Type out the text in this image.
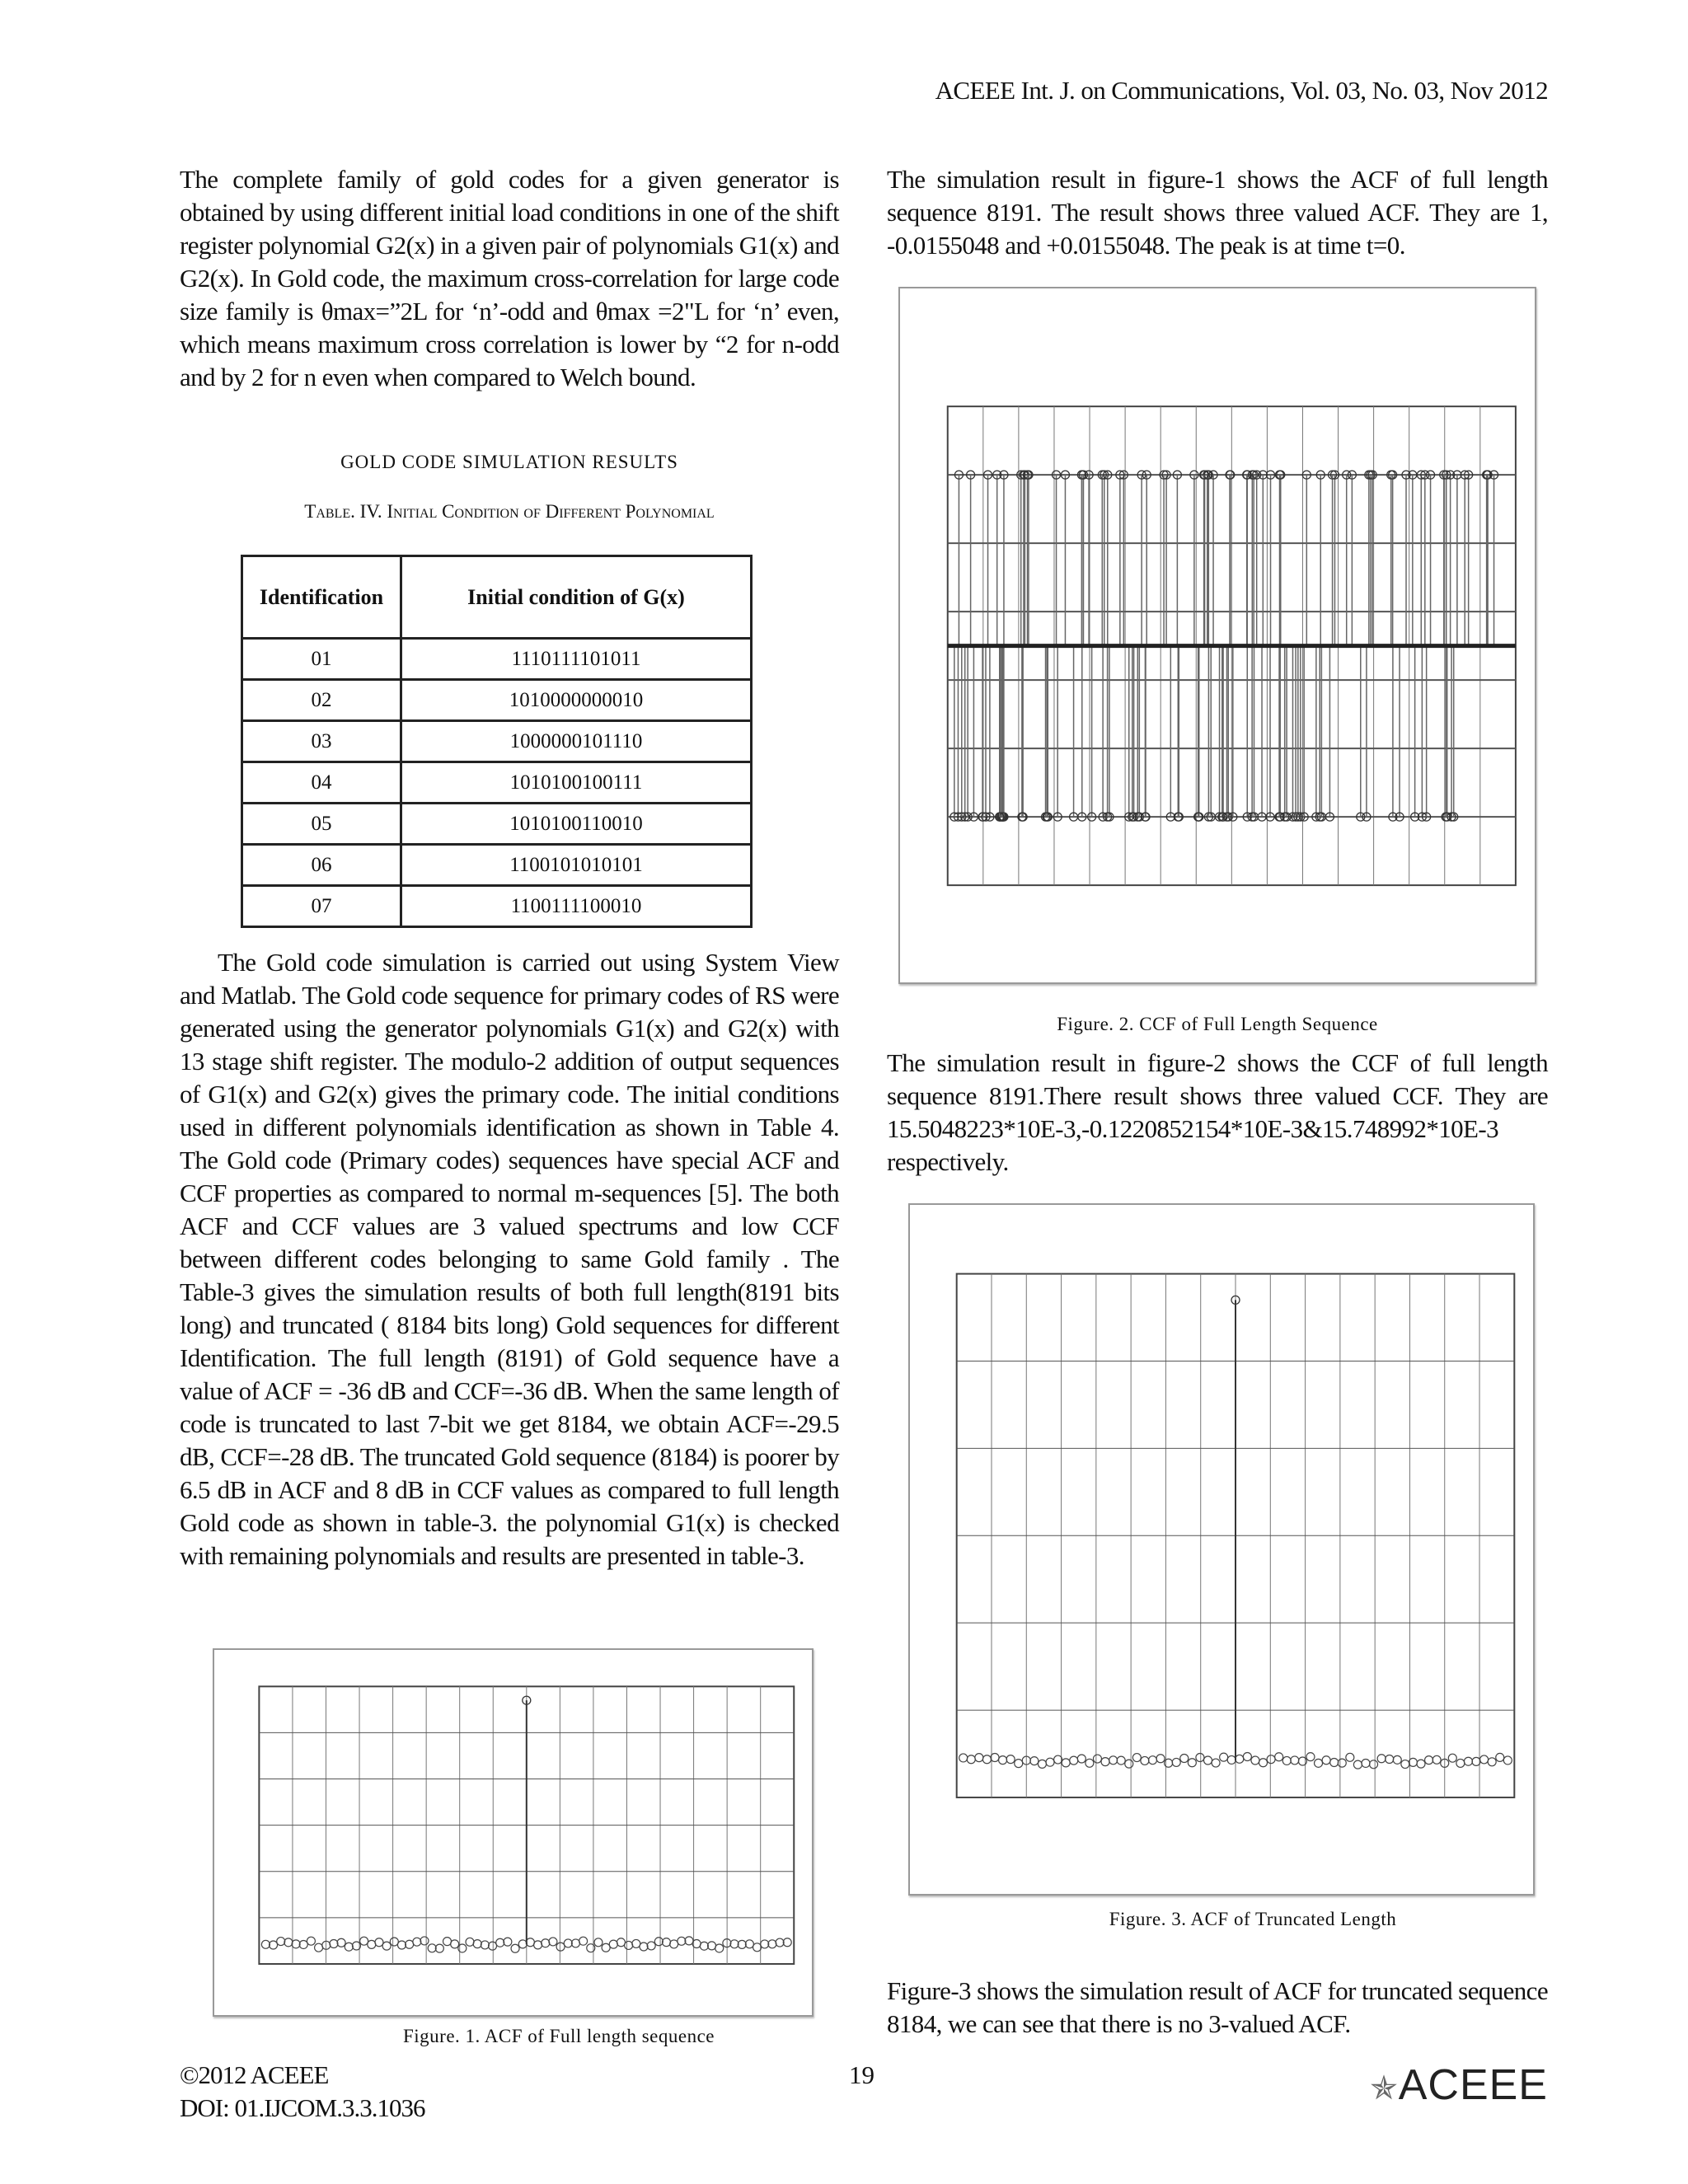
ACEEE Int. J. on Communications, Vol. 03, No. 03, Nov 2012

The complete family of gold codes for a given generator is obtained by using different initial load conditions in one of the shift register polynomial G2(x) in a given pair of polynomials G1(x) and G2(x). In Gold code, the maximum cross-correlation for large code size family is θmax=”2L for ‘n’-odd and θmax =2"L for ‘n’ even, which means maximum cross correlation is lower by “2 for n-odd and by 2 for n even when compared to Welch bound.

GOLD CODE SIMULATION RESULTS
Table. IV. Initial Condition of Different Polynomial
Identification	Initial condition of G(x)
01	1110111101011
02	1010000000010
03	1000000101110
04	1010100100111
05	1010100110010
06	1100101010101
07	1100111100010

The Gold code simulation is carried out using System View and Matlab. The Gold code sequence for primary codes of RS were generated using the generator polynomials G1(x) and G2(x) with 13 stage shift register. The modulo-2 addition of output sequences of G1(x) and G2(x) gives the primary code. The initial conditions used in different polynomials identification as shown in Table 4. The Gold code (Primary codes) sequences have special ACF and CCF properties as compared to normal m-sequences [5]. The both ACF and CCF values are 3 valued spectrums and low CCF between different codes belonging to same Gold family . The Table-3 gives the simulation results of both full length(8191 bits long) and truncated ( 8184 bits long) Gold sequences for different Identification. The full length (8191) of Gold sequence have a value of ACF = -36 dB and CCF=-36 dB. When the same length of code is truncated to last 7-bit we get 8184, we obtain ACF=-29.5 dB, CCF=-28 dB. The truncated Gold sequence (8184) is poorer by 6.5 dB in ACF and 8 dB in CCF values as compared to full length Gold code as shown in table-3. the polynomial G1(x) is checked with remaining polynomials and results are presented in table-3.

Figure. 1. ACF of Full length sequence

The simulation result in figure-1 shows the ACF of full length sequence 8191. The result shows three valued ACF. They are 1, -0.0155048 and +0.0155048. The peak is at time t=0.

Figure. 2. CCF of Full Length Sequence

The simulation result in figure-2 shows the CCF of full length sequence 8191.There result shows three valued CCF. They are 15.5048223*10E-3,-0.1220852154*10E-3&15.748992*10E-3 respectively.

Figure. 3. ACF of Truncated Length

Figure-3 shows the simulation result of ACF for truncated sequence 8184, we can see that there is no 3-valued ACF.

©2012 ACEEE
DOI: 01.IJCOM.3.3.1036
19	✯ACEEE
